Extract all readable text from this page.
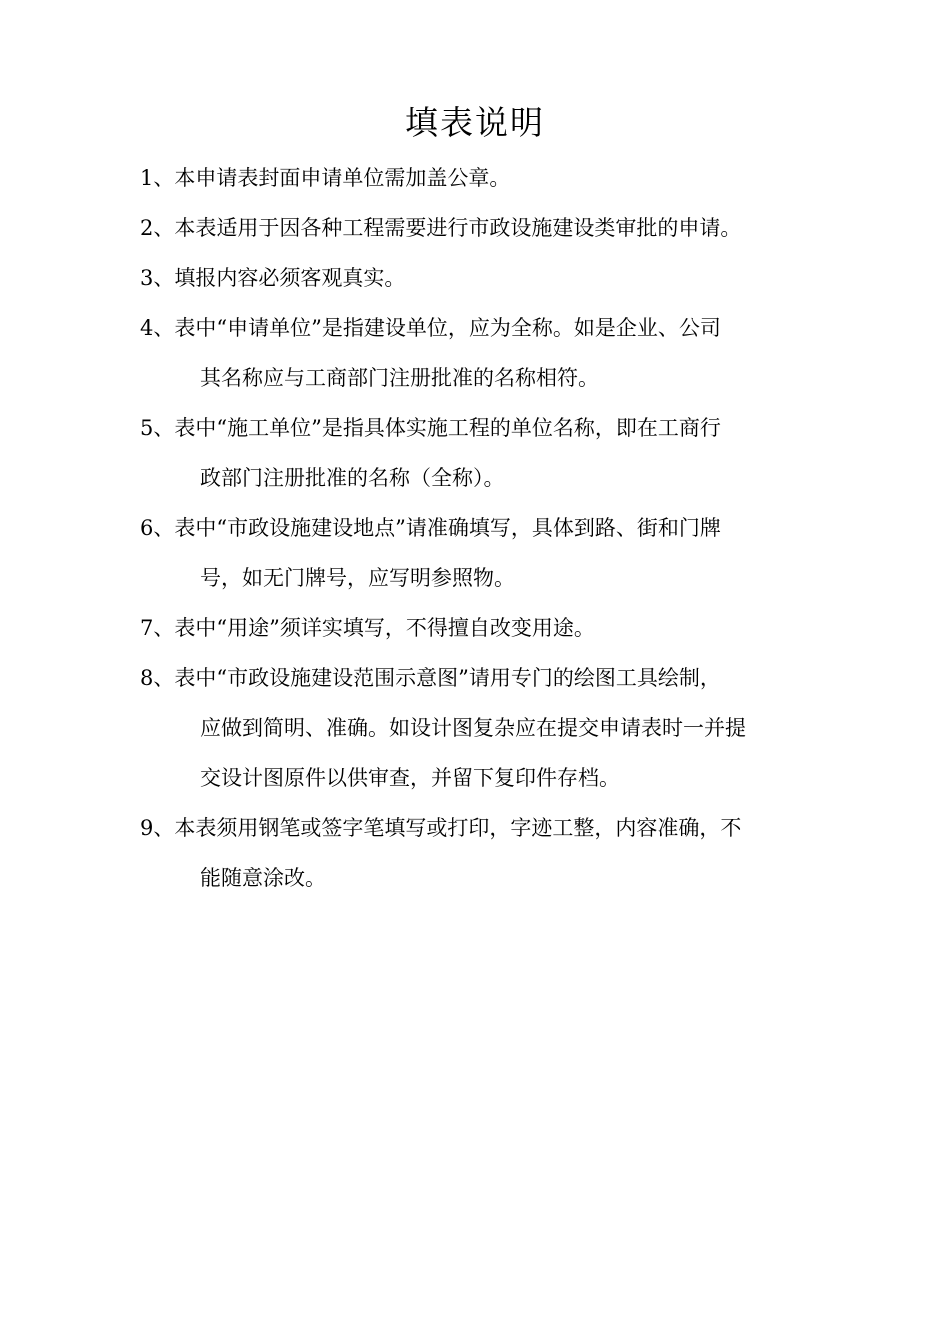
填表说明
1、本申请表封面申请单位需加盖公章。
2、本表适用于因各种工程需要进行市政设施建设类审批的申请。
3、填报内容必须客观真实。
4、表中“申请单位”是指建设单位，应为全称。如是企业、公司
其名称应与工商部门注册批准的名称相符。
5、表中“施工单位”是指具体实施工程的单位名称，即在工商行
政部门注册批准的名称（全称）。
6、表中“市政设施建设地点”请准确填写，具体到路、街和门牌
号，如无门牌号，应写明参照物。
7、表中“用途”须详实填写，不得擅自改变用途。
8、表中“市政设施建设范围示意图”请用专门的绘图工具绘制，
应做到简明、准确。如设计图复杂应在提交申请表时一并提
交设计图原件以供审查，并留下复印件存档。
9、本表须用钢笔或签字笔填写或打印，字迹工整，内容准确，不
能随意涂改。
